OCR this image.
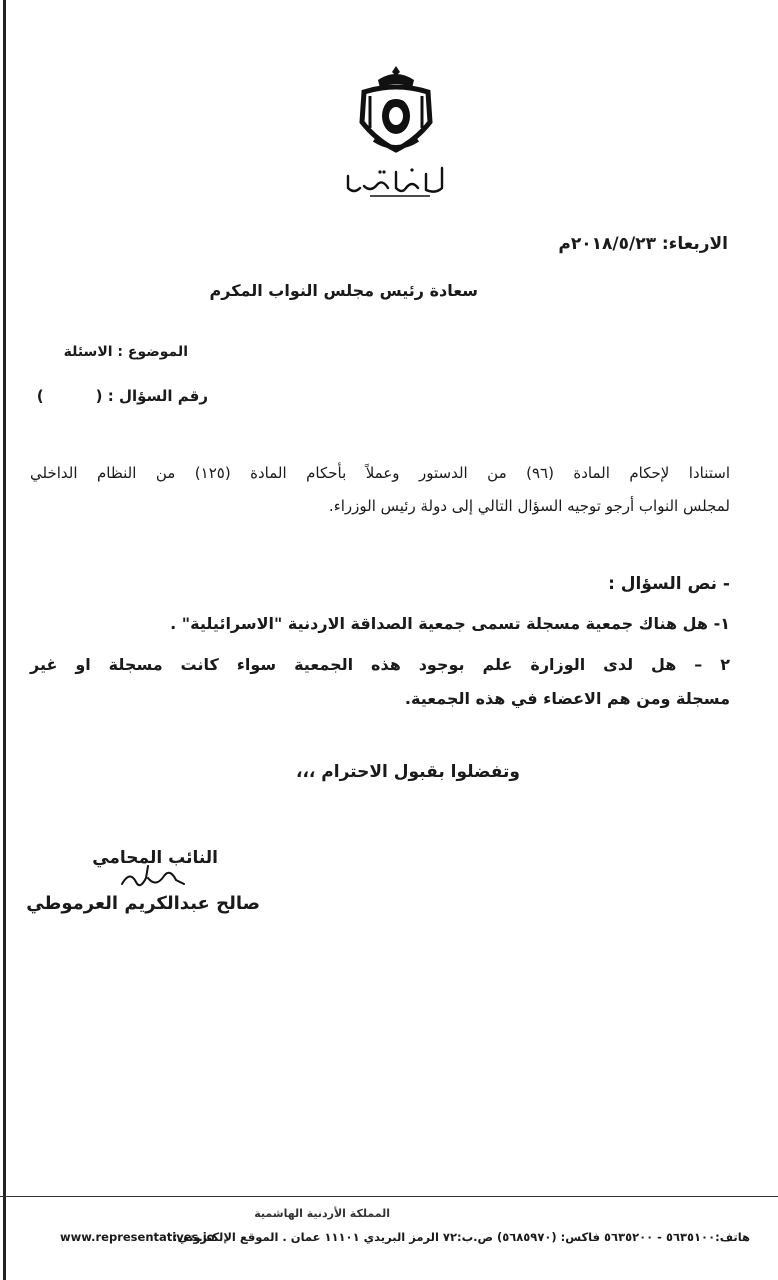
الاربعاء: ٢٠١٨/٥/٢٣م
سعادة رئيس مجلس النواب المكرم
الموضوع : الاسئلة
رقم السؤال : ()
استنادا لإحكام المادة (٩٦) من الدستور وعملاً بأحكام المادة (١٢٥) من النظام الداخلي
لمجلس النواب أرجو توجيه السؤال التالي إلى دولة رئيس الوزراء.
- نص السؤال :
١- هل هناك جمعية مسجلة تسمى جمعية الصداقة الاردنية "الاسرائيلية" .
٢ – هل لدى الوزارة علم بوجود هذه الجمعية سواء كانت مسجلة او غير
مسجلة ومن هم الاعضاء في هذه الجمعية.
وتفضلوا بقبول الاحترام ،،،
النائب المحامي
صالح عبدالكريم العرموطي
المملكة الأردنية الهاشمية
www.representatives.jo
هاتف:٥٦٣٥١٠٠ - ٥٦٣٥٢٠٠ فاكس: (٥٦٨٥٩٧٠) ص.ب:٧٢ الرمز البريدي ١١١٠١ عمان . الموقع الإلكتروني:
